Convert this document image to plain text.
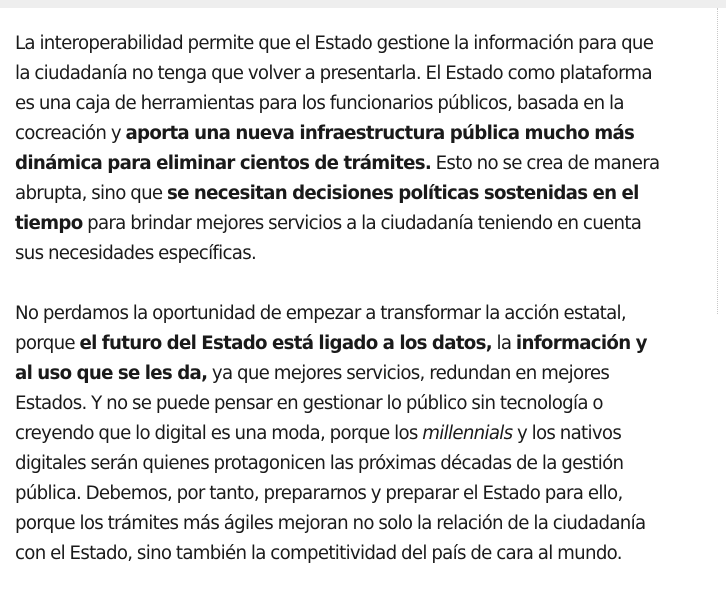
La interoperabilidad permite que el Estado gestione la información para que la ciudadanía no tenga que volver a presentarla. El Estado como plataforma es una caja de herramientas para los funcionarios públicos, basada en la cocreación y aporta una nueva infraestructura pública mucho más dinámica para eliminar cientos de trámites. Esto no se crea de manera abrupta, sino que se necesitan decisiones políticas sostenidas en el tiempo para brindar mejores servicios a la ciudadanía teniendo en cuenta sus necesidades específicas.

No perdamos la oportunidad de empezar a transformar la acción estatal, porque el futuro del Estado está ligado a los datos, la información y al uso que se les da, ya que mejores servicios, redundan en mejores Estados. Y no se puede pensar en gestionar lo público sin tecnología o creyendo que lo digital es una moda, porque los millennials y los nativos digitales serán quienes protagonicen las próximas décadas de la gestión pública. Debemos, por tanto, prepararnos y preparar el Estado para ello, porque los trámites más ágiles mejoran no solo la relación de la ciudadanía con el Estado, sino también la competitividad del país de cara al mundo.
